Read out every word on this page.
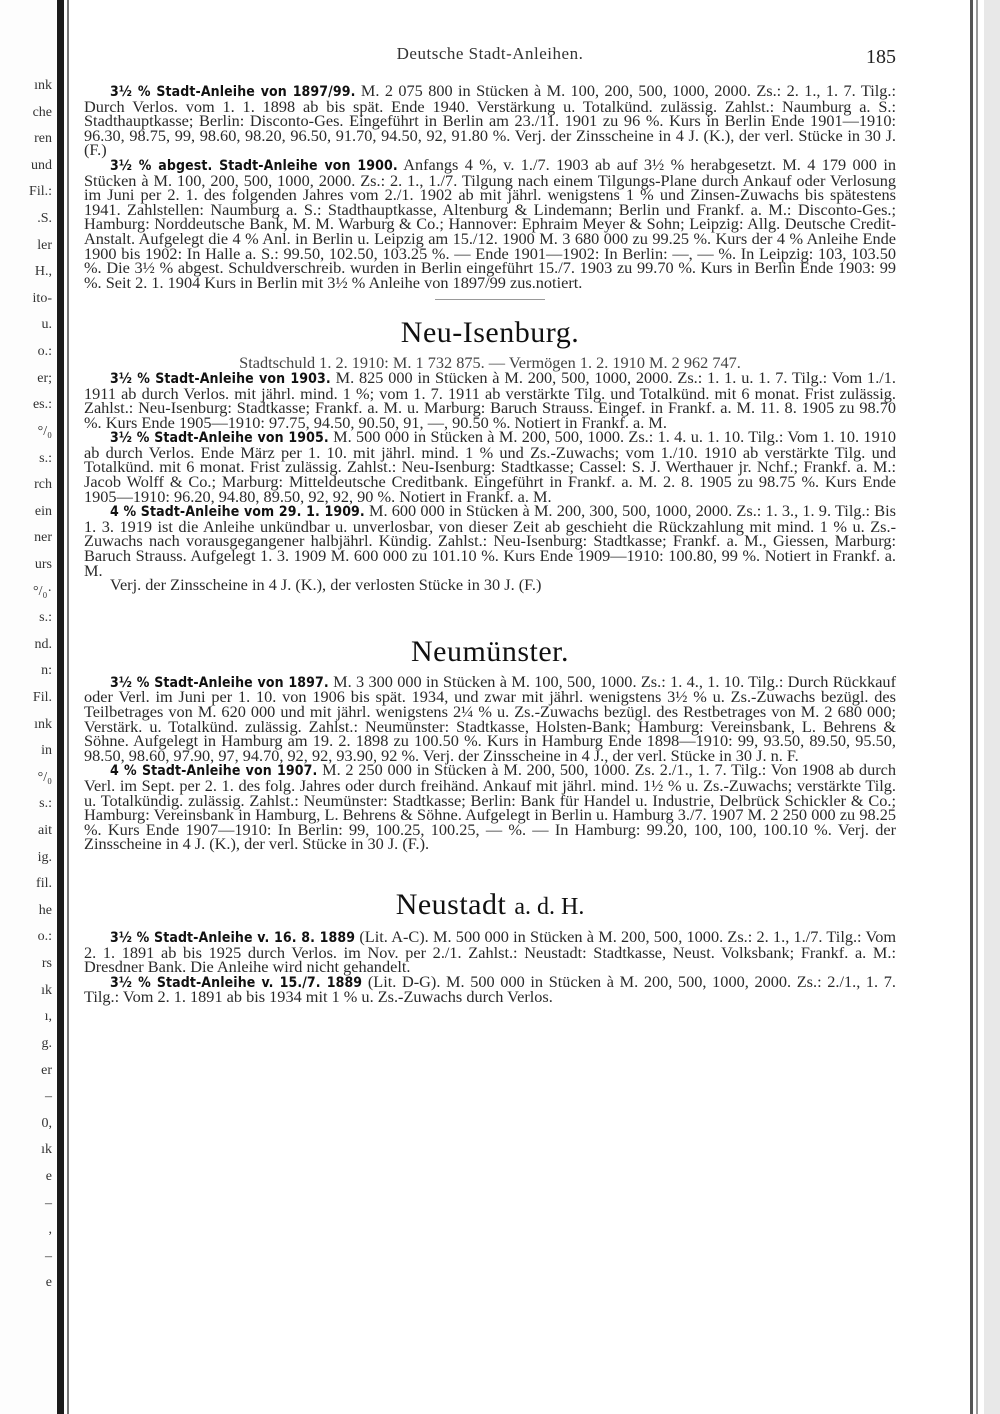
ınk
che
ren
und
Fil.:
.S.
ler
H.,
ito-
u.
o.:
er;
es.:
°/₀
s.:
rch
ein
ner
urs
°/₀·
s.:
nd.
n:
Fil.
ınk
in
°/₀
s.:
ait
ig.
fil.
he
o.:
rs
ık
ı,
g.
er
–
0,
ık
e
–
,
–
e
Deutsche Stadt-Anleihen.	185

3½ % Stadt-Anleihe von 1897/99. M. 2 075 800 in Stücken à M. 100, 200, 500, 1000, 2000. Zs.: 2. 1., 1. 7. Tilg.: Durch Verlos. vom 1. 1. 1898 ab bis spät. Ende 1940. Verstärkung u. Totalkünd. zulässig. Zahlst.: Naumburg a. S.: Stadthauptkasse; Berlin: Disconto-Ges. Eingeführt in Berlin am 23./11. 1901 zu 96 %. Kurs in Berlin Ende 1901—1910: 96.30, 98.75, 99, 98.60, 98.20, 96.50, 91.70, 94.50, 92, 91.80 %. Verj. der Zinsscheine in 4 J. (K.), der verl. Stücke in 30 J. (F.)

3½ % abgest. Stadt-Anleihe von 1900. Anfangs 4 %, v. 1./7. 1903 ab auf 3½ % herabgesetzt. M. 4 179 000 in Stücken à M. 100, 200, 500, 1000, 2000. Zs.: 2. 1., 1./7. Tilgung nach einem Tilgungs-Plane durch Ankauf oder Verlosung im Juni per 2. 1. des folgenden Jahres vom 2./1. 1902 ab mit jährl. wenigstens 1 % und Zinsen-Zuwachs bis spätestens 1941. Zahlstellen: Naumburg a. S.: Stadthauptkasse, Altenburg & Lindemann; Berlin und Frankf. a. M.: Disconto-Ges.; Hamburg: Norddeutsche Bank, M. M. Warburg & Co.; Hannover: Ephraim Meyer & Sohn; Leipzig: Allg. Deutsche Credit-Anstalt. Aufgelegt die 4 % Anl. in Berlin u. Leipzig am 15./12. 1900 M. 3 680 000 zu 99.25 %. Kurs der 4 % Anleihe Ende 1900 bis 1902: In Halle a. S.: 99.50, 102.50, 103.25 %. — Ende 1901—1902: In Berlin: —, — %. In Leipzig: 103, 103.50 %. Die 3½ % abgest. Schuldverschreib. wurden in Berlin eingeführt 15./7. 1903 zu 99.70 %. Kurs in Berlin Ende 1903: 99 %. Seit 2. 1. 1904 Kurs in Berlin mit 3½ % Anleihe von 1897/99 zus.notiert.

Neu-Isenburg.

Stadtschuld 1. 2. 1910: M. 1 732 875. — Vermögen 1. 2. 1910 M. 2 962 747.

3½ % Stadt-Anleihe von 1903. M. 825 000 in Stücken à M. 200, 500, 1000, 2000. Zs.: 1. 1. u. 1. 7. Tilg.: Vom 1./1. 1911 ab durch Verlos. mit jährl. mind. 1 %; vom 1. 7. 1911 ab verstärkte Tilg. und Totalkünd. mit 6 monat. Frist zulässig. Zahlst.: Neu-Isenburg: Stadtkasse; Frankf. a. M. u. Marburg: Baruch Strauss. Eingef. in Frankf. a. M. 11. 8. 1905 zu 98.70 %. Kurs Ende 1905—1910: 97.75, 94.50, 90.50, 91, —, 90.50 %. Notiert in Frankf. a. M.

3½ % Stadt-Anleihe von 1905. M. 500 000 in Stücken à M. 200, 500, 1000. Zs.: 1. 4. u. 1. 10. Tilg.: Vom 1. 10. 1910 ab durch Verlos. Ende März per 1. 10. mit jährl. mind. 1 % und Zs.-Zuwachs; vom 1./10. 1910 ab verstärkte Tilg. und Totalkünd. mit 6 monat. Frist zulässig. Zahlst.: Neu-Isenburg: Stadtkasse; Cassel: S. J. Werthauer jr. Nchf.; Frankf. a. M.: Jacob Wolff & Co.; Marburg: Mitteldeutsche Creditbank. Eingeführt in Frankf. a. M. 2. 8. 1905 zu 98.75 %. Kurs Ende 1905—1910: 96.20, 94.80, 89.50, 92, 92, 90 %. Notiert in Frankf. a. M.

4 % Stadt-Anleihe vom 29. 1. 1909. M. 600 000 in Stücken à M. 200, 300, 500, 1000, 2000. Zs.: 1. 3., 1. 9. Tilg.: Bis 1. 3. 1919 ist die Anleihe unkündbar u. unverlosbar, von dieser Zeit ab geschieht die Rückzahlung mit mind. 1 % u. Zs.-Zuwachs nach vorausgegangener halbjährl. Kündig. Zahlst.: Neu-Isenburg: Stadtkasse; Frankf. a. M., Giessen, Marburg: Baruch Strauss. Aufgelegt 1. 3. 1909 M. 600 000 zu 101.10 %. Kurs Ende 1909—1910: 100.80, 99 %. Notiert in Frankf. a. M.

Verj. der Zinsscheine in 4 J. (K.), der verlosten Stücke in 30 J. (F.)

Neumünster.

3½ % Stadt-Anleihe von 1897. M. 3 300 000 in Stücken à M. 100, 500, 1000. Zs.: 1. 4., 1. 10. Tilg.: Durch Rückkauf oder Verl. im Juni per 1. 10. von 1906 bis spät. 1934, und zwar mit jährl. wenigstens 3½ % u. Zs.-Zuwachs bezügl. des Teilbetrages von M. 620 000 und mit jährl. wenigstens 2¼ % u. Zs.-Zuwachs bezügl. des Restbetrages von M. 2 680 000; Verstärk. u. Totalkünd. zulässig. Zahlst.: Neumünster: Stadtkasse, Holsten-Bank; Hamburg: Vereinsbank, L. Behrens & Söhne. Aufgelegt in Hamburg am 19. 2. 1898 zu 100.50 %. Kurs in Hamburg Ende 1898—1910: 99, 93.50, 89.50, 95.50, 98.50, 98.60, 97.90, 97, 94.70, 92, 92, 93.90, 92 %. Verj. der Zinsscheine in 4 J., der verl. Stücke in 30 J. n. F.

4 % Stadt-Anleihe von 1907. M. 2 250 000 in Stücken à M. 200, 500, 1000. Zs. 2./1., 1. 7. Tilg.: Von 1908 ab durch Verl. im Sept. per 2. 1. des folg. Jahres oder durch freihänd. Ankauf mit jährl. mind. 1½ % u. Zs.-Zuwachs; verstärkte Tilg. u. Totalkündig. zulässig. Zahlst.: Neumünster: Stadtkasse; Berlin: Bank für Handel u. Industrie, Delbrück Schickler & Co.; Hamburg: Vereinsbank in Hamburg, L. Behrens & Söhne. Aufgelegt in Berlin u. Hamburg 3./7. 1907 M. 2 250 000 zu 98.25 %. Kurs Ende 1907—1910: In Berlin: 99, 100.25, 100.25, — %. — In Hamburg: 99.20, 100, 100, 100.10 %. Verj. der Zinsscheine in 4 J. (K.), der verl. Stücke in 30 J. (F.).

Neustadt a. d. H.

3½ % Stadt-Anleihe v. 16. 8. 1889 (Lit. A-C). M. 500 000 in Stücken à M. 200, 500, 1000. Zs.: 2. 1., 1./7. Tilg.: Vom 2. 1. 1891 ab bis 1925 durch Verlos. im Nov. per 2./1. Zahlst.: Neustadt: Stadtkasse, Neust. Volksbank; Frankf. a. M.: Dresdner Bank. Die Anleihe wird nicht gehandelt.

3½ % Stadt-Anleihe v. 15./7. 1889 (Lit. D-G). M. 500 000 in Stücken à M. 200, 500, 1000, 2000. Zs.: 2./1., 1. 7. Tilg.: Vom 2. 1. 1891 ab bis 1934 mit 1 % u. Zs.-Zuwachs durch Verlos.
